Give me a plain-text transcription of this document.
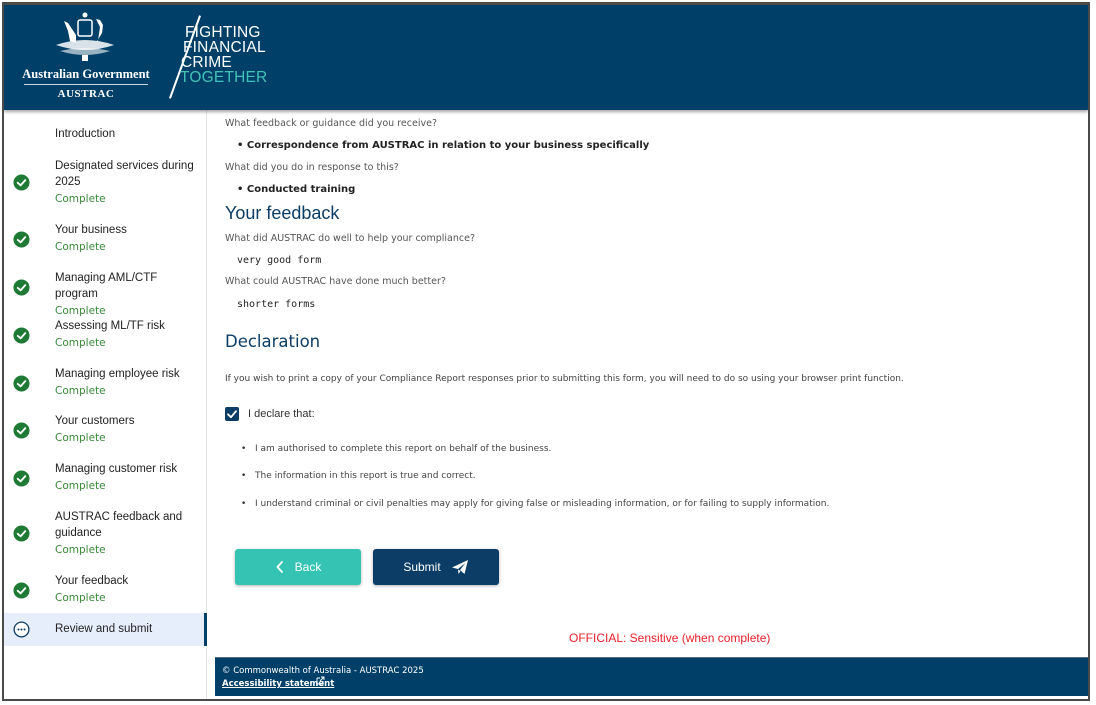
Australian Government
AUSTRAC
FIGHTING
FINANCIAL
CRIME
TOGETHER
Introduction
Designated services during 2025
Complete
Your business
Complete
Managing AML/CTF program
Complete
Assessing ML/TF risk
Complete
Managing employee risk
Complete
Your customers
Complete
Managing customer risk
Complete
AUSTRAC feedback and guidance
Complete
Your feedback
Complete
Review and submit
What feedback or guidance did you receive?
• Correspondence from AUSTRAC in relation to your business specifically
What did you do in response to this?
• Conducted training
Your feedback
What did AUSTRAC do well to help your compliance?
very good form
What could AUSTRAC have done much better?
shorter forms
Declaration
If you wish to print a copy of your Compliance Report responses prior to submitting this form, you will need to do so using your browser print function.
I declare that:
• I am authorised to complete this report on behalf of the business.
• The information in this report is true and correct.
• I understand criminal or civil penalties may apply for giving false or misleading information, or for failing to supply information.
Back	Submit
OFFICIAL: Sensitive (when complete)
© Commonwealth of Australia - AUSTRAC 2025
Accessibility statement
